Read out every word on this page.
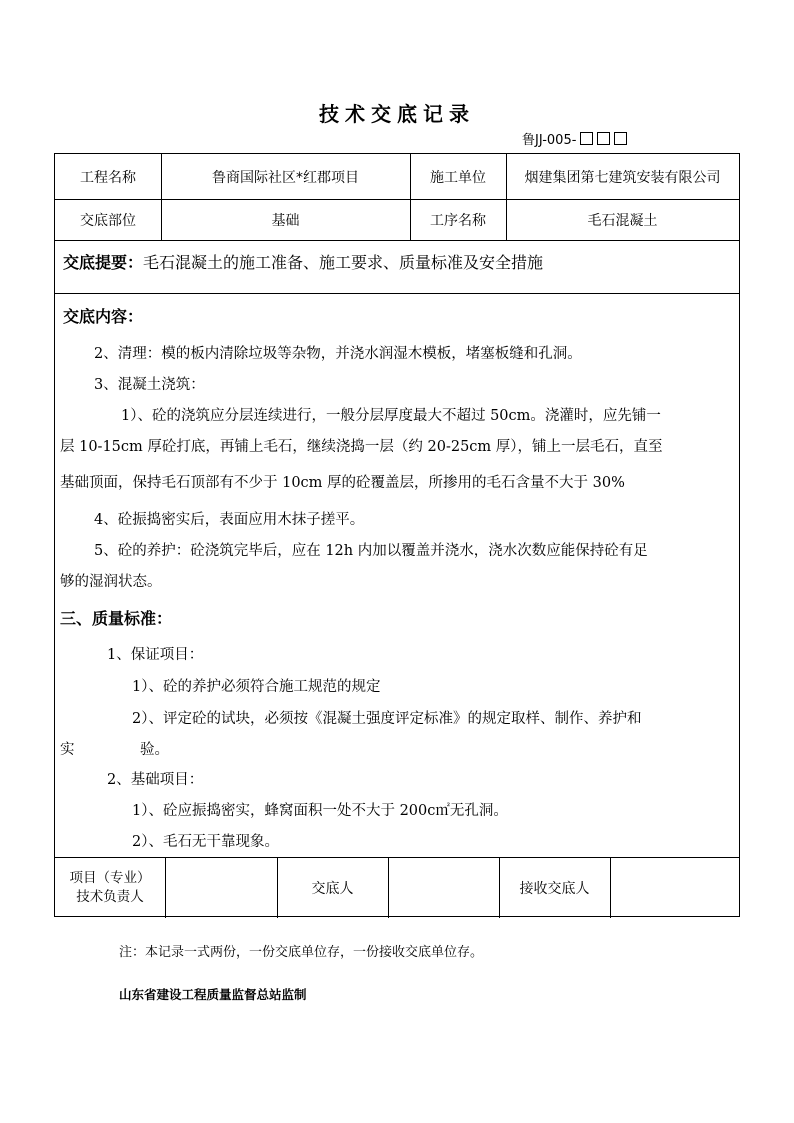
技术交底记录
鲁JJ-005-
工程名称	鲁商国际社区*红郡项目	施工单位	烟建集团第七建筑安装有限公司
交底部位	基础	工序名称	毛石混凝土
交底提要：毛石混凝土的施工准备、施工要求、质量标准及安全措施
交底内容：
2、清理：模的板内清除垃圾等杂物，并浇水润湿木模板，堵塞板缝和孔洞。
3、混凝土浇筑：
1）、砼的浇筑应分层连续进行，一般分层厚度最大不超过 50cm。浇灌时，应先铺一
层 10-15cm 厚砼打底，再铺上毛石，继续浇捣一层（约 20-25cm 厚），铺上一层毛石，直至
基础顶面，保持毛石顶部有不少于 10cm 厚的砼覆盖层，所掺用的毛石含量不大于 30%
4、砼振捣密实后，表面应用木抹子搓平。
5、砼的养护：砼浇筑完毕后，应在 12h 内加以覆盖并浇水，浇水次数应能保持砼有足
够的湿润状态。
三、质量标准：
1、保证项目：
1）、砼的养护必须符合施工规范的规定
2）、评定砼的试块，必须按《混凝土强度评定标准》的规定取样、制作、养护和
实	验。
2、基础项目：
1）、砼应振捣密实，蜂窝面积一处不大于 200c㎡无孔洞。
2）、毛石无干靠现象。
项目（专业）
技术负责人	交底人	接收交底人
注：本记录一式两份，一份交底单位存，一份接收交底单位存。
山东省建设工程质量监督总站监制
